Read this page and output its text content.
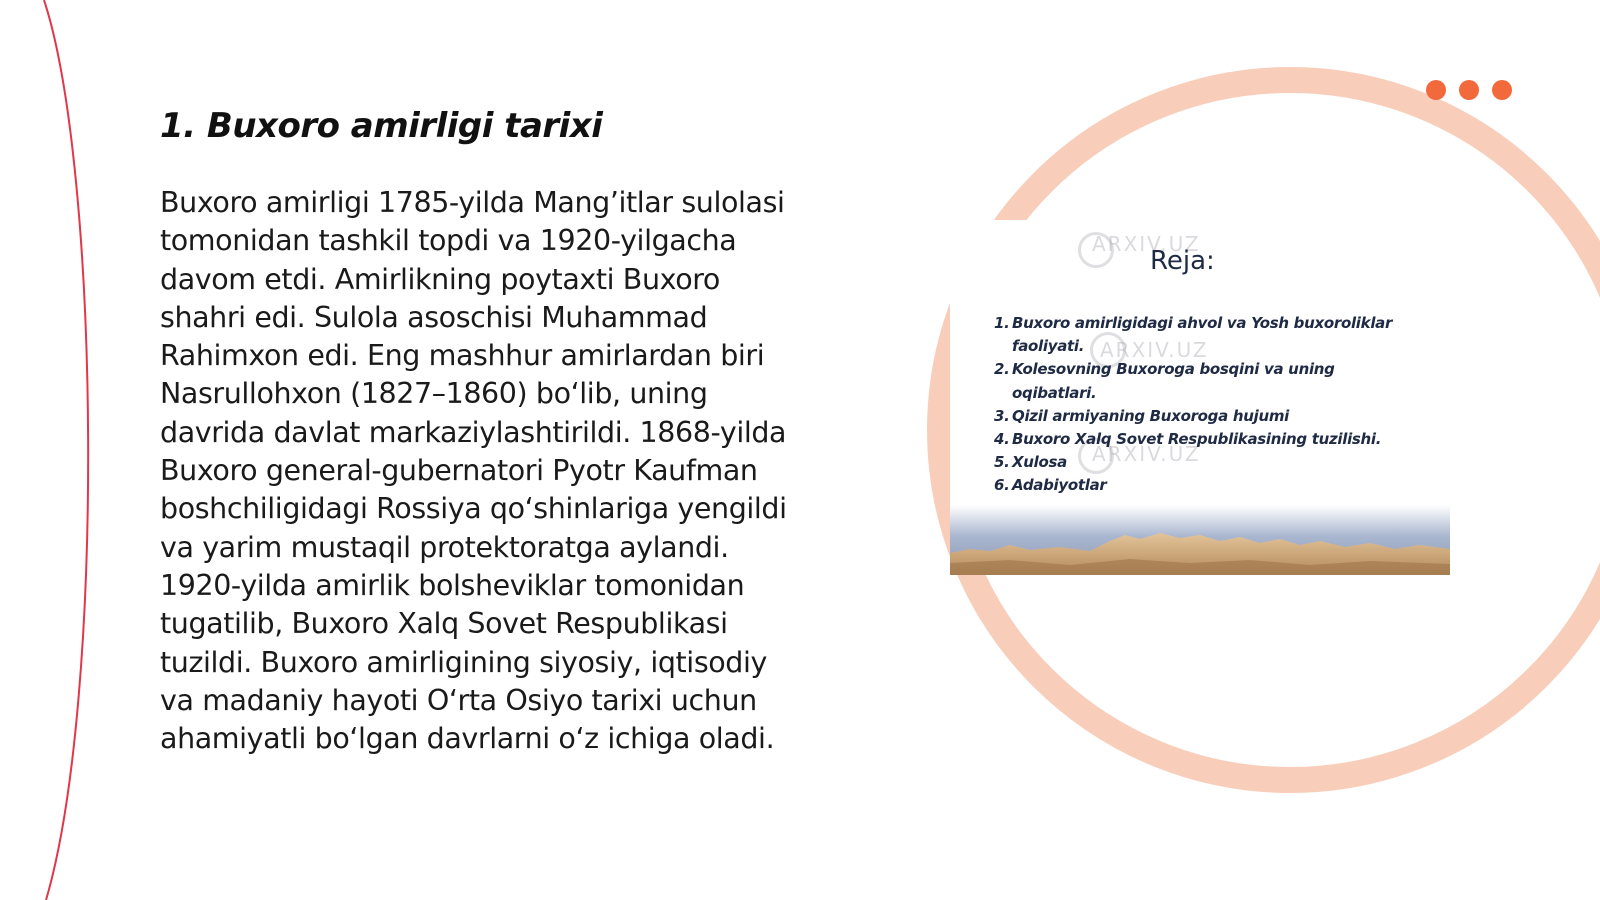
1. Buxoro amirligi tarixi

Buxoro amirligi 1785-yilda Mang’itlar sulolasi
tomonidan tashkil topdi va 1920-yilgacha
davom etdi. Amirlikning poytaxti Buxoro
shahri edi. Sulola asoschisi Muhammad
Rahimxon edi. Eng mashhur amirlardan biri
Nasrullohxon (1827–1860) bo‘lib, uning
davrida davlat markaziylashtirildi. 1868-yilda
Buxoro general-gubernatori Pyotr Kaufman
boshchiligidagi Rossiya qo‘shinlariga yengildi
va yarim mustaqil protektoratga aylandi.
1920-yilda amirlik bolsheviklar tomonidan
tugatilib, Buxoro Xalq Sovet Respublikasi
tuzildi. Buxoro amirligining siyosiy, iqtisodiy
va madaniy hayoti O‘rta Osiyo tarixi uchun
ahamiyatli bo‘lgan davrlarni o‘z ichiga oladi.

ARXIV.UZ
Reja:
ARXIV.UZ
ARXIV.UZ
1. Buxoro amirligidagi ahvol va Yosh buxoroliklar faoliyati.
2. Kolesovning Buxoroga bosqini va uning oqibatlari.
3. Qizil armiyaning Buxoroga hujumi
4. Buxoro Xalq Sovet Respublikasining tuzilishi.
5. Xulosa
6. Adabiyotlar
